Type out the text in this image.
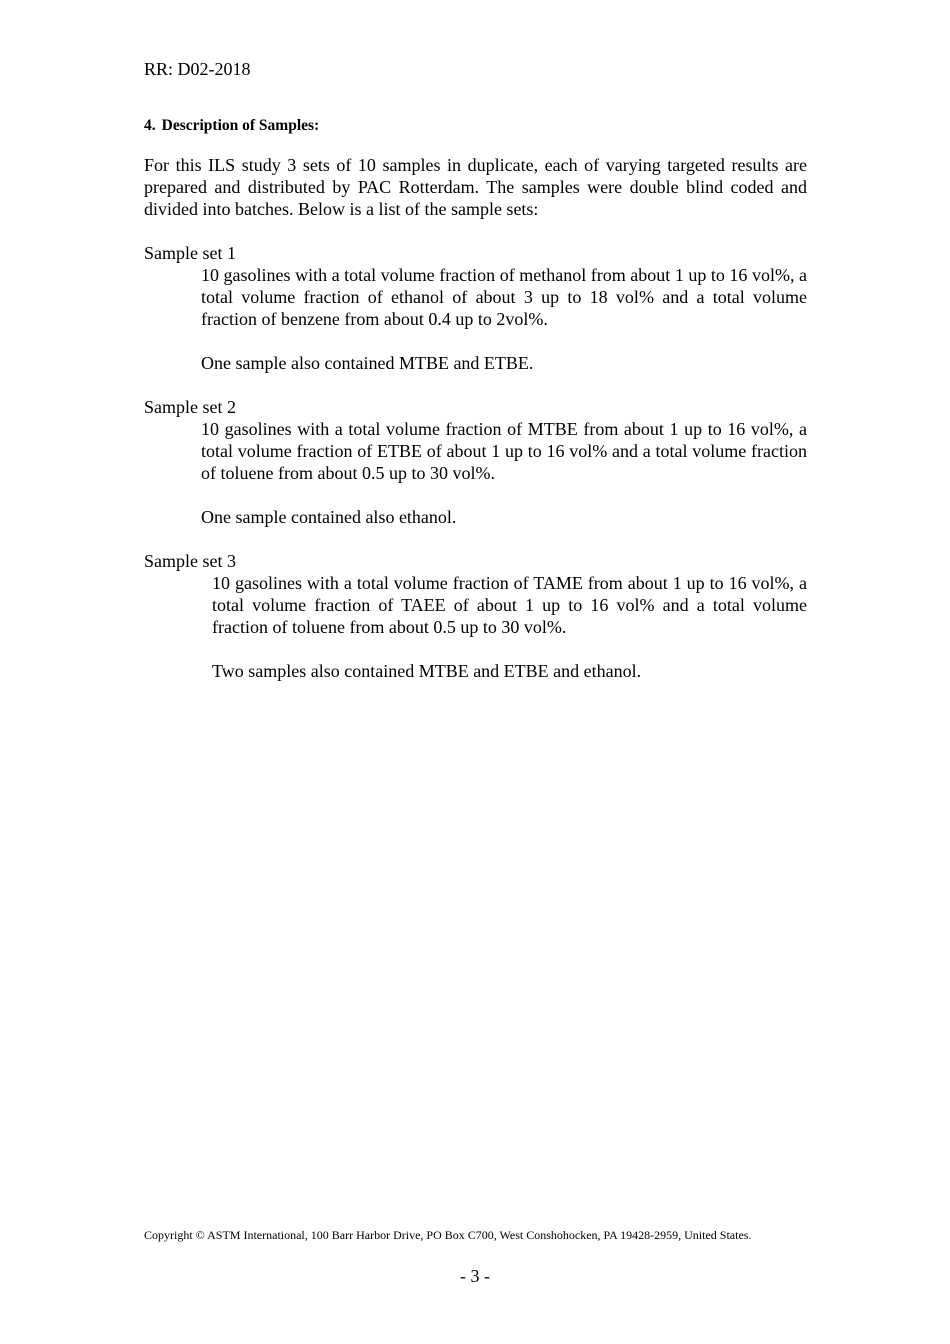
RR: D02-2018
4. Description of Samples:

For this ILS study 3 sets of 10 samples in duplicate, each of varying targeted results are prepared and distributed by PAC Rotterdam. The samples were double blind coded and divided into batches. Below is a list of the sample sets:

Sample set 1

10 gasolines with a total volume fraction of methanol from about 1 up to 16 vol%, a total volume fraction of ethanol of about 3 up to 18 vol% and a total volume fraction of benzene from about 0.4 up to 2vol%.

One sample also contained MTBE and ETBE.

Sample set 2

10 gasolines with a total volume fraction of MTBE from about 1 up to 16 vol%, a total volume fraction of ETBE of about 1 up to 16 vol% and a total volume fraction of toluene from about 0.5 up to 30 vol%.

One sample contained also ethanol.

Sample set 3

10 gasolines with a total volume fraction of TAME from about 1 up to 16 vol%, a total volume fraction of TAEE of about 1 up to 16 vol% and a total volume fraction of toluene from about 0.5 up to 30 vol%.

Two samples also contained MTBE and ETBE and ethanol.

Copyright © ASTM International, 100 Barr Harbor Drive, PO Box C700, West Conshohocken, PA 19428-2959, United States.
- 3 -
